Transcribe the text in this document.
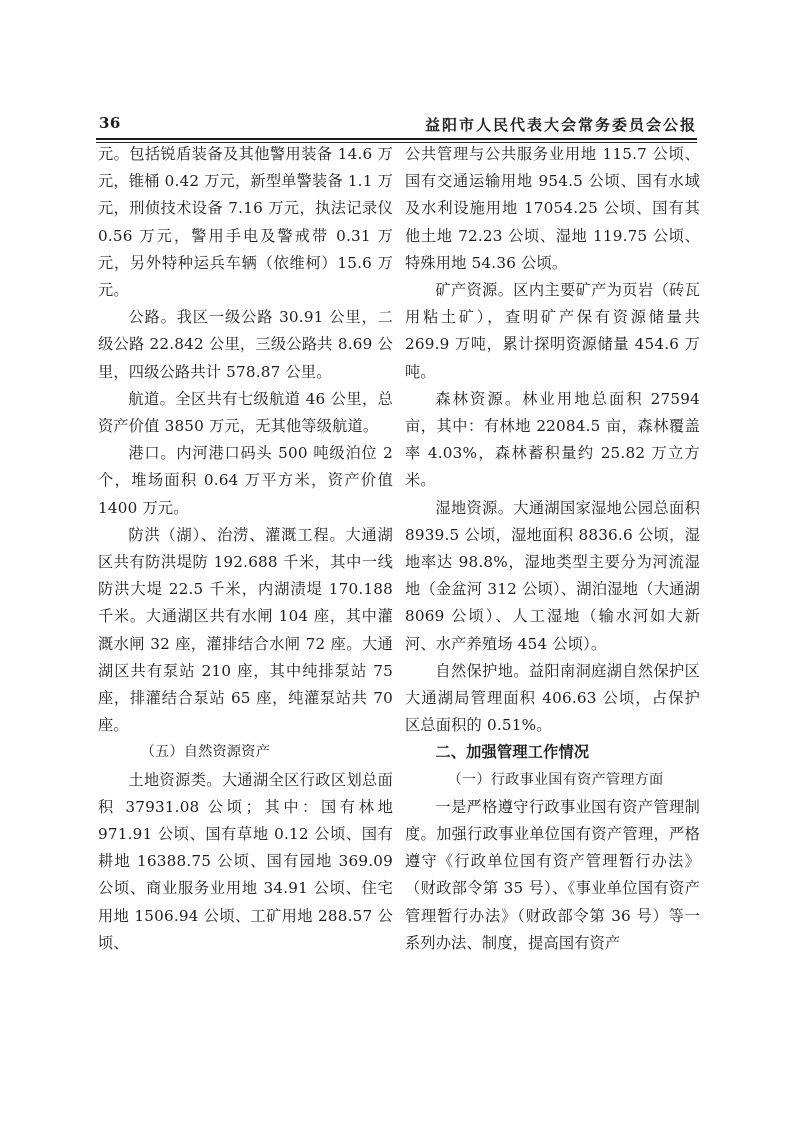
36	益阳市人民代表大会常务委员会公报

元。包括锐盾装备及其他警用装备 14.6 万元，锥桶 0.42 万元，新型单警装备 1.1 万元，刑侦技术设备 7.16 万元，执法记录仪 0.56 万元，警用手电及警戒带 0.31 万元，另外特种运兵车辆（依维柯）15.6 万元。

公路。我区一级公路 30.91 公里，二级公路 22.842 公里，三级公路共 8.69 公里，四级公路共计 578.87 公里。

航道。全区共有七级航道 46 公里，总资产价值 3850 万元，无其他等级航道。

港口。内河港口码头 500 吨级泊位 2 个，堆场面积 0.64 万平方米，资产价值 1400 万元。

防洪（湖）、治涝、灌溉工程。大通湖区共有防洪堤防 192.688 千米，其中一线防洪大堤 22.5 千米，内湖渍堤 170.188 千米。大通湖区共有水闸 104 座，其中灌溉水闸 32 座，灌排结合水闸 72 座。大通湖区共有泵站 210 座，其中纯排泵站 75 座，排灌结合泵站 65 座，纯灌泵站共 70 座。

（五）自然资源资产

土地资源类。大通湖全区行政区划总面积 37931.08 公顷；其中：国有林地 971.91 公顷、国有草地 0.12 公顷、国有耕地 16388.75 公顷、国有园地 369.09 公顷、商业服务业用地 34.91 公顷、住宅用地 1506.94 公顷、工矿用地 288.57 公顷、

公共管理与公共服务业用地 115.7 公顷、国有交通运输用地 954.5 公顷、国有水域及水利设施用地 17054.25 公顷、国有其他土地 72.23 公顷、湿地 119.75 公顷、特殊用地 54.36 公顷。

矿产资源。区内主要矿产为页岩（砖瓦用粘土矿），查明矿产保有资源储量共 269.9 万吨，累计探明资源储量 454.6 万吨。

森林资源。林业用地总面积 27594 亩，其中：有林地 22084.5 亩，森林覆盖率 4.03%，森林蓄积量约 25.82 万立方米。

湿地资源。大通湖国家湿地公园总面积 8939.5 公顷，湿地面积 8836.6 公顷，湿地率达 98.8%，湿地类型主要分为河流湿地（金盆河 312 公顷）、湖泊湿地（大通湖 8069 公顷）、人工湿地（输水河如大新河、水产养殖场 454 公顷）。

自然保护地。益阳南洞庭湖自然保护区大通湖局管理面积 406.63 公顷，占保护区总面积的 0.51%。

二、加强管理工作情况

（一）行政事业国有资产管理方面

一是严格遵守行政事业国有资产管理制度。加强行政事业单位国有资产管理，严格遵守《行政单位国有资产管理暂行办法》（财政部令第 35 号）、《事业单位国有资产管理暂行办法》（财政部令第 36 号）等一系列办法、制度，提高国有资产
